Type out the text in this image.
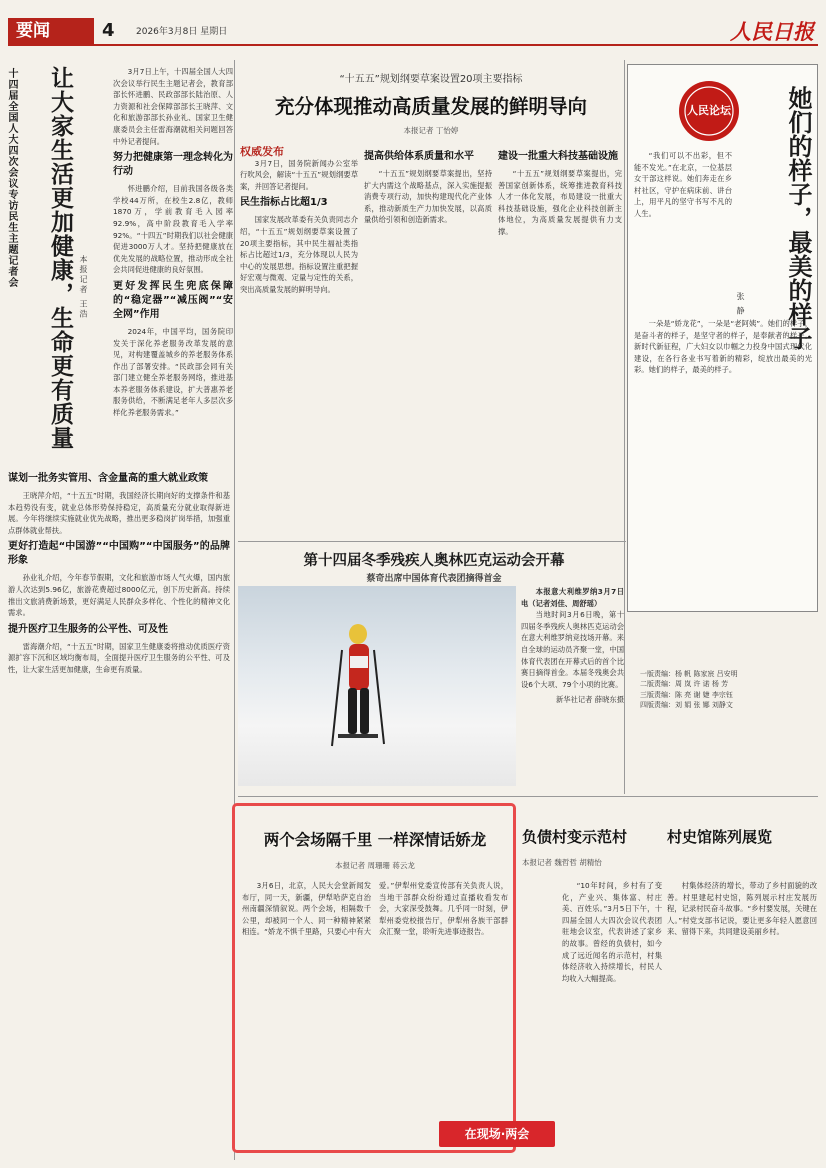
要闻	4 2026年3月8日 星期日	人民日报
十四届全国人大四次会议专访民生主题记者会	让大家生活更加健康，生命更有质量 本报记者 王浩

3月7日上午，十四届全国人大四次会议举行民生主题记者会，教育部部长怀进鹏、民政部部长陆治原、人力资源和社会保障部部长王晓萍、文化和旅游部部长孙业礼、国家卫生健康委员会主任雷海潮就相关问题回答中外记者提问。

努力把健康第一理念转化为行动

怀进鹏介绍，目前我国各级各类学校44万所，在校生2.8亿，教师1870万，学前教育毛入园率92.9%，高中阶段教育毛入学率92%。“十四五”时期我们以社会健康促进3000万人才。坚持把健康放在优先发展的战略位置，推动形成全社会共同促进健康的良好氛围。

更好发挥民生兜底保障的“稳定器”“减压阀”“安全网”作用

2024年，中国平均，国务院印发关于深化养老服务改革发展的意见，对构建覆盖城乡的养老服务体系作出了部署安排。“民政部会同有关部门建立健全养老服务网络，推进基本养老服务体系建设，扩大普惠养老服务供给，不断满足老年人多层次多样化养老服务需求。”

谋划一批务实管用、含金量高的重大就业政策

王晓萍介绍，“十五五”时期，我国经济长期向好的支撑条件和基本趋势没有变，就业总体形势保持稳定，高质量充分就业取得新进展。今年将继续实施就业优先战略，推出更多稳岗扩岗举措，加强重点群体就业帮扶。

更好打造起“中国游”“中国购”“中国服务”的品牌形象

孙业礼介绍，今年春节假期，文化和旅游市场人气火爆，国内旅游人次达到5.96亿，旅游花费超过8000亿元，创下历史新高。持续推出文旅消费新场景，更好满足人民群众多样化、个性化的精神文化需求。

提升医疗卫生服务的公平性、可及性

雷海潮介绍，“十五五”时期，国家卫生健康委将推动优质医疗资源扩容下沉和区域均衡布局，全面提升医疗卫生服务的公平性、可及性，让大家生活更加健康，生命更有质量。

“十五五”规划纲要草案设置20项主要指标
充分体现推动高质量发展的鲜明导向
本报记者 丁怡婷
权威发布

3月7日，国务院新闻办公室举行吹风会，解读“十五五”规划纲要草案，并回答记者提问。

民生指标占比超1/3

国家发展改革委有关负责同志介绍，“十五五”规划纲要草案设置了20项主要指标，其中民生福祉类指标占比超过1/3，充分体现以人民为中心的发展思想。指标设置注重把握好宏观与微观、定量与定性的关系，突出高质量发展的鲜明导向。

提高供给体系质量和水平

“十五五”规划纲要草案提出，坚持扩大内需这个战略基点，深入实施提振消费专项行动，加快构建现代化产业体系，推动新质生产力加快发展，以高质量供给引领和创造新需求。

建设一批重大科技基础设施

“十五五”规划纲要草案提出，完善国家创新体系，统筹推进教育科技人才一体化发展，布局建设一批重大科技基础设施，强化企业科技创新主体地位，为高质量发展提供有力支撑。

第十四届冬季残疾人奥林匹克运动会开幕
蔡奇出席中国体育代表团摘得首金

本报意大利维罗纳3月7日电（记者刘佳、周舒瑶）

当地时间3月6日晚，第十四届冬季残疾人奥林匹克运动会在意大利维罗纳竞技场开幕。来自全球的运动员齐聚一堂，中国体育代表团在开幕式后的首个比赛日摘得首金。本届冬残奥会共设6个大项、79个小项的比赛。

新华社记者 薛晓东摄
两个会场隔千里 一样深情话娇龙
本报记者 周珊珊 蒋云龙

3月6日，北京，人民大会堂新闻发布厅，同一天，新疆，伊犁哈萨克自治州南疆深情叙说。两个会场，相隔数千公里，却被同一个人、同一种精神紧紧相连。“娇龙不惧千里路，只要心中有大爱。”伊犁州党委宣传部有关负责人说，当地干部群众纷纷通过直播收看发布会，大家深受鼓舞。几乎同一时刻，伊犁州委党校报告厅，伊犁州各族干部群众汇聚一堂，聆听先进事迹报告。

在现场·两会
负债村变示范村
本报记者 魏哲哲 胡精怡

“10年时间，乡村有了变化，产业兴、集体富、村庄美、百姓乐。”3月5日下午，十四届全国人大四次会议代表团驻地会议室，代表讲述了家乡的故事。曾经的负债村，如今成了远近闻名的示范村，村集体经济收入持续增长，村民人均收入大幅提高。

村史馆陈列展览

村集体经济的增长，带动了乡村面貌的改善。村里建起村史馆，陈列展示村庄发展历程，记录村民奋斗故事。“乡村要发展，关键在人。”村党支部书记说，要让更多年轻人愿意回来、留得下来，共同建设美丽乡村。

人民论坛	她们的样子，最美的样子
张 静

“我们可以不出彩，但不能不发光。”在北京，一位基层女干部这样说。她们奔走在乡村社区，守护在病床前、讲台上，用平凡的坚守书写不凡的人生。

一朵是“娇龙花”，一朵是“老阿姨”。她们的样子，是奋斗者的样子，是坚守者的样子，是奉献者的样子。新时代新征程，广大妇女以巾帼之力投身中国式现代化建设，在各行各业书写着新的精彩，绽放出最美的光彩。她们的样子，最美的样子。

一版责编：杨 帆 陈家宸 吕安明
二版责编：周 岚 许 诺 杨 芳
三版责编：陈 亮 谢 婕 李宗钰
四版责编：刘 娟 张 娜 刘静文
